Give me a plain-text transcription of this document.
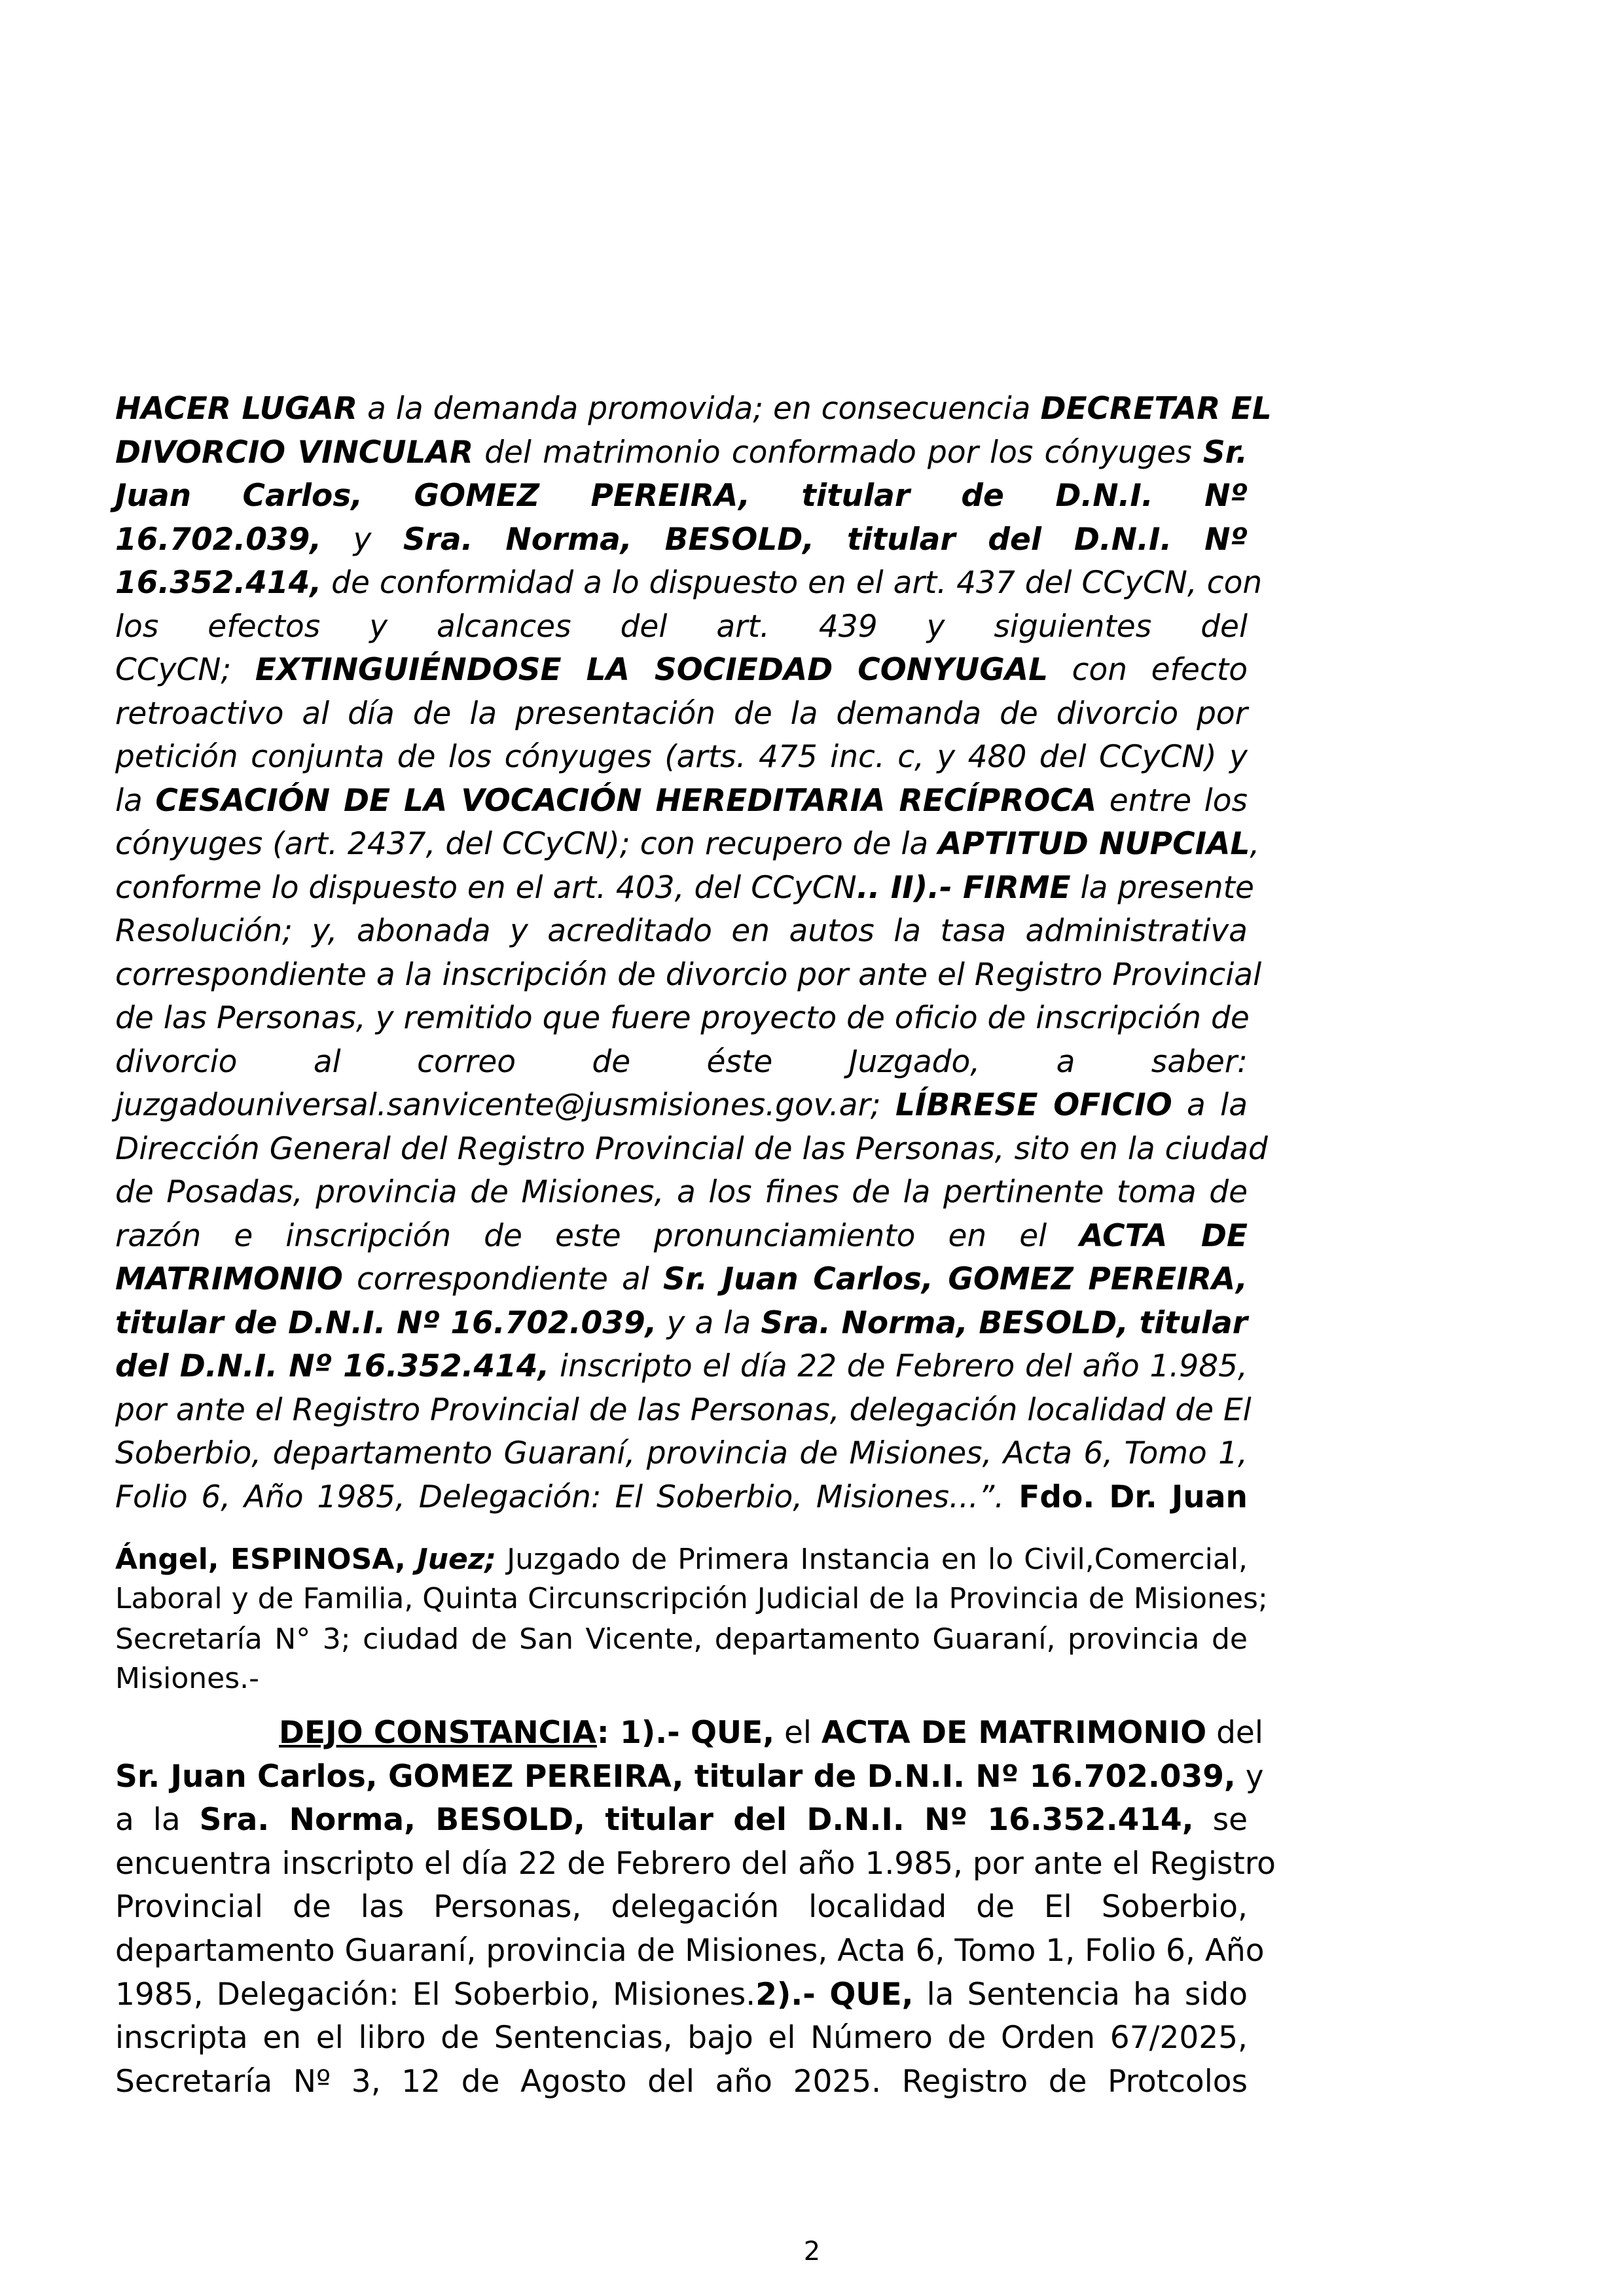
HACER LUGAR a la demanda promovida; en consecuencia DECRETAR EL
DIVORCIO VINCULAR del matrimonio conformado por los cónyuges Sr.
Juan Carlos, GOMEZ PEREIRA, titular de D.N.I. Nº
16.702.039, y Sra. Norma, BESOLD, titular del D.N.I. Nº
16.352.414, de conformidad a lo dispuesto en el art. 437 del CCyCN, con
los efectos y alcances del art. 439 y siguientes del
CCyCN; EXTINGUIÉNDOSE LA SOCIEDAD CONYUGAL con efecto
retroactivo al día de la presentación de la demanda de divorcio por
petición conjunta de los cónyuges (arts. 475 inc. c, y 480 del CCyCN) y
la CESACIÓN DE LA VOCACIÓN HEREDITARIA RECÍPROCA entre los
cónyuges (art. 2437, del CCyCN); con recupero de la APTITUD NUPCIAL,
conforme lo dispuesto en el art. 403, del CCyCN.. II).- FIRME la presente
Resolución; y, abonada y acreditado en autos la tasa administrativa
correspondiente a la inscripción de divorcio por ante el Registro Provincial
de las Personas, y remitido que fuere proyecto de oficio de inscripción de
divorcio al correo de éste Juzgado, a saber:
juzgadouniversal.sanvicente@jusmisiones.gov.ar; LÍBRESE OFICIO a la
Dirección General del Registro Provincial de las Personas, sito en la ciudad
de Posadas, provincia de Misiones, a los fines de la pertinente toma de
razón e inscripción de este pronunciamiento en el ACTA DE
MATRIMONIO correspondiente al Sr. Juan Carlos, GOMEZ PEREIRA,
titular de D.N.I. Nº 16.702.039, y a la Sra. Norma, BESOLD, titular
del D.N.I. Nº 16.352.414, inscripto el día 22 de Febrero del año 1.985,
por ante el Registro Provincial de las Personas, delegación localidad de El
Soberbio, departamento Guaraní, provincia de Misiones, Acta 6, Tomo 1,
Folio 6, Año 1985, Delegación: El Soberbio, Misiones...”. Fdo. Dr. Juan
Ángel, ESPINOSA, Juez; Juzgado de Primera Instancia en lo Civil,Comercial,
Laboral y de Familia, Quinta Circunscripción Judicial de la Provincia de Misiones;
Secretaría N° 3; ciudad de San Vicente, departamento Guaraní, provincia de
Misiones.-
DEJO CONSTANCIA: 1).- QUE, el ACTA DE MATRIMONIO del
Sr. Juan Carlos, GOMEZ PEREIRA, titular de D.N.I. Nº 16.702.039, y
a la Sra. Norma, BESOLD, titular del D.N.I. Nº 16.352.414, se
encuentra inscripto el día 22 de Febrero del año 1.985, por ante el Registro
Provincial de las Personas, delegación localidad de El Soberbio,
departamento Guaraní, provincia de Misiones, Acta 6, Tomo 1, Folio 6, Año
1985, Delegación: El Soberbio, Misiones.2).- QUE, la Sentencia ha sido
inscripta en el libro de Sentencias, bajo el Número de Orden 67/2025,
Secretaría Nº 3, 12 de Agosto del año 2025. Registro de Protcolos
2
